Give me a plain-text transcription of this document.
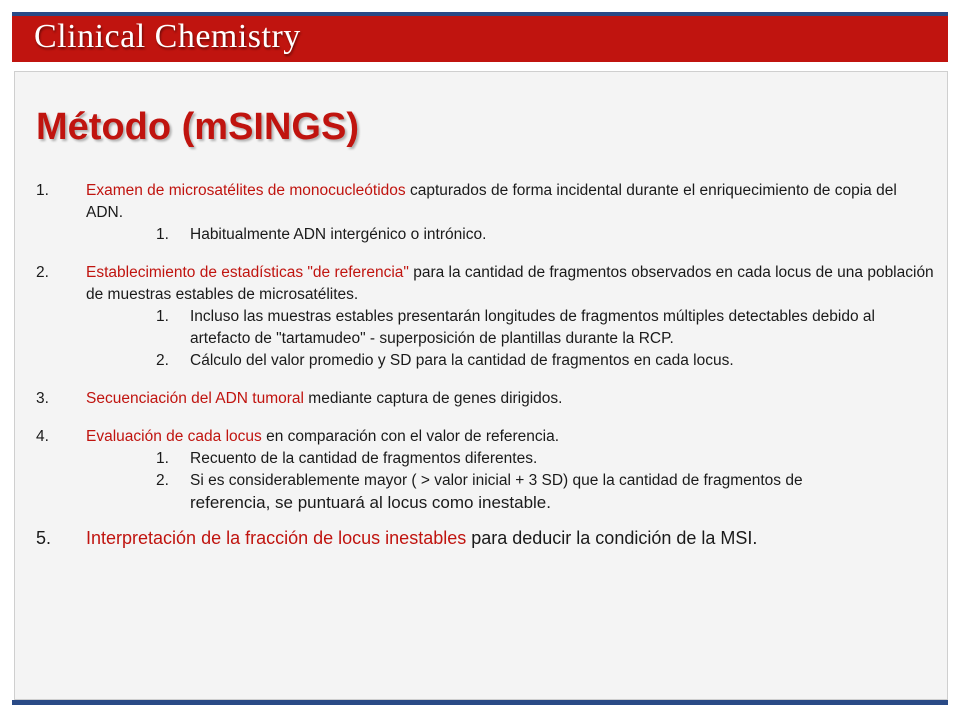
Clinical Chemistry
Método (mSINGS)
1. Examen de microsatélites de monocucleótidos capturados de forma incidental durante el enriquecimiento de copia del ADN.
1. Habitualmente ADN intergénico o intrónico.
2. Establecimiento de estadísticas "de referencia" para la cantidad de fragmentos observados en cada locus de una población de muestras estables de microsatélites.
1. Incluso las muestras estables presentarán longitudes de fragmentos múltiples detectables debido al artefacto de "tartamudeo" - superposición de plantillas durante la RCP.
2. Cálculo del valor promedio y SD para la cantidad de fragmentos en cada locus.
3. Secuenciación del ADN tumoral mediante captura de genes dirigidos.
4. Evaluación de cada locus en comparación con el valor de referencia.
1. Recuento de la cantidad de fragmentos diferentes.
2. Si es considerablemente mayor ( > valor inicial + 3 SD) que la cantidad de fragmentos de
referencia, se puntuará al locus como inestable.
5. Interpretación de la fracción de locus inestables para deducir la condición de la MSI.
